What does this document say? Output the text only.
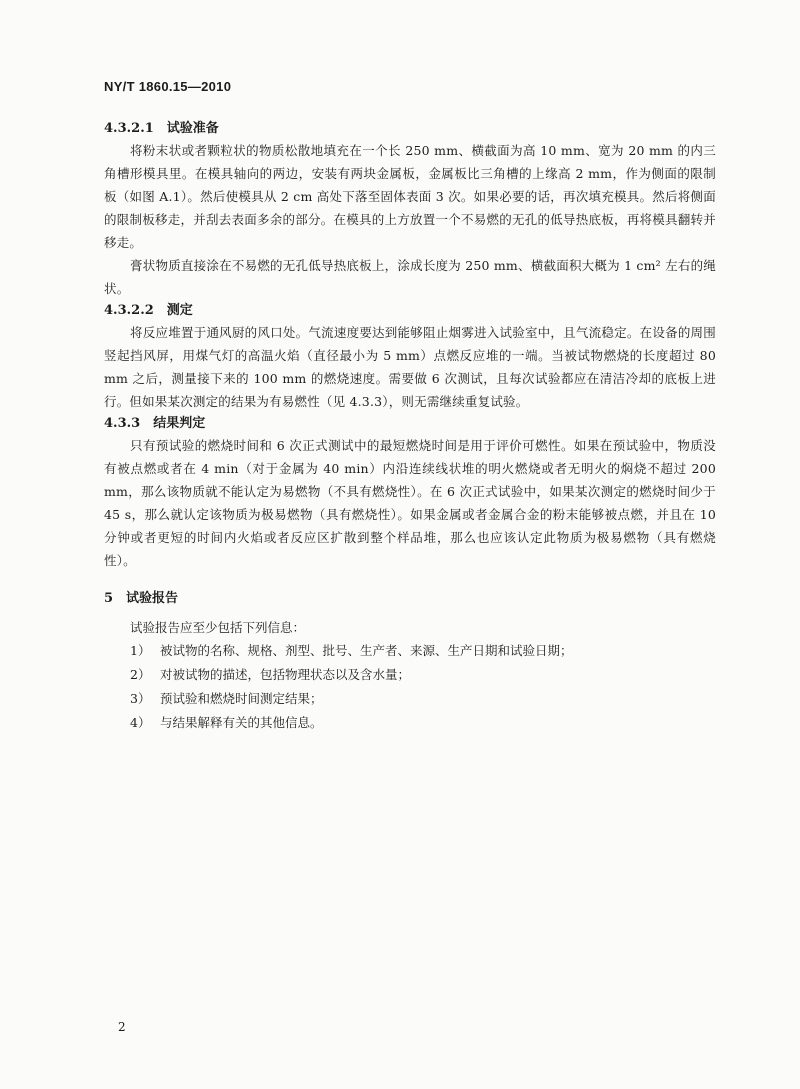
NY/T 1860.15—2010

4.3.2.1　试验准备

将粉末状或者颗粒状的物质松散地填充在一个长 250 mm、横截面为高 10 mm、宽为 20 mm 的内三角槽形模具里。在模具轴向的两边，安装有两块金属板，金属板比三角槽的上缘高 2 mm，作为侧面的限制板（如图 A.1）。然后使模具从 2 cm 高处下落至固体表面 3 次。如果必要的话，再次填充模具。然后将侧面的限制板移走，并刮去表面多余的部分。在模具的上方放置一个不易燃的无孔的低导热底板，再将模具翻转并移走。

膏状物质直接涂在不易燃的无孔低导热底板上，涂成长度为 250 mm、横截面积大概为 1 cm² 左右的绳状。

4.3.2.2　测定

将反应堆置于通风厨的风口处。气流速度要达到能够阻止烟雾进入试验室中，且气流稳定。在设备的周围竖起挡风屏，用煤气灯的高温火焰（直径最小为 5 mm）点燃反应堆的一端。当被试物燃烧的长度超过 80 mm 之后，测量接下来的 100 mm 的燃烧速度。需要做 6 次测试，且每次试验都应在清洁冷却的底板上进行。但如果某次测定的结果为有易燃性（见 4.3.3），则无需继续重复试验。

4.3.3　结果判定

只有预试验的燃烧时间和 6 次正式测试中的最短燃烧时间是用于评价可燃性。如果在预试验中，物质没有被点燃或者在 4 min（对于金属为 40 min）内沿连续线状堆的明火燃烧或者无明火的焖烧不超过 200 mm，那么该物质就不能认定为易燃物（不具有燃烧性）。在 6 次正式试验中，如果某次测定的燃烧时间少于 45 s，那么就认定该物质为极易燃物（具有燃烧性）。如果金属或者金属合金的粉末能够被点燃，并且在 10 分钟或者更短的时间内火焰或者反应区扩散到整个样品堆，那么也应该认定此物质为极易燃物（具有燃烧性）。

5　试验报告

试验报告应至少包括下列信息：

1） 被试物的名称、规格、剂型、批号、生产者、来源、生产日期和试验日期；
2） 对被试物的描述，包括物理状态以及含水量；
3） 预试验和燃烧时间测定结果；
4） 与结果解释有关的其他信息。
2
